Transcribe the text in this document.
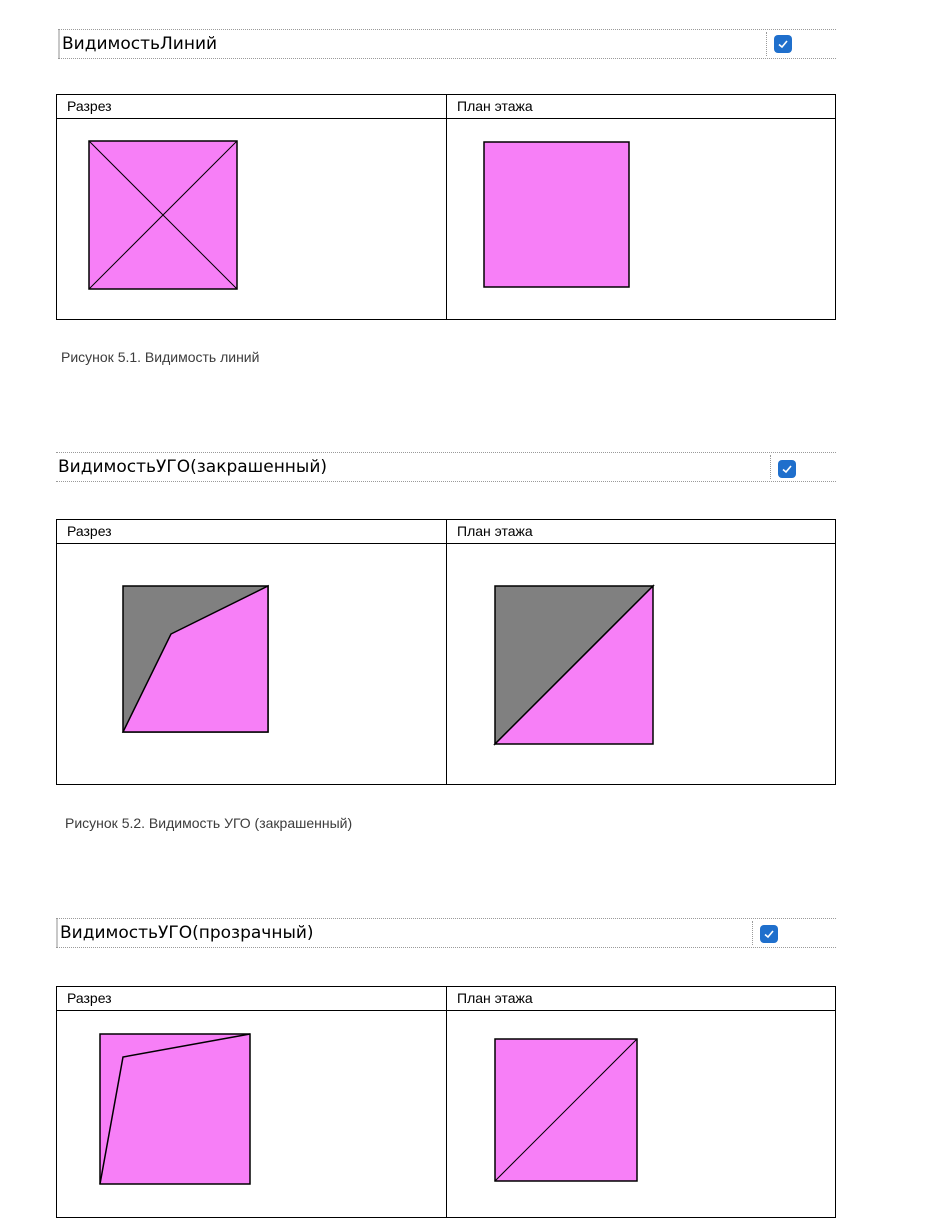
ВидимостьЛиний
Разрез	План этажа
Рисунок 5.1. Видимость линий
ВидимостьУГО(закрашенный)
Разрез	План этажа
Рисунок 5.2. Видимость УГО (закрашенный)
ВидимостьУГО(прозрачный)
Разрез	План этажа
